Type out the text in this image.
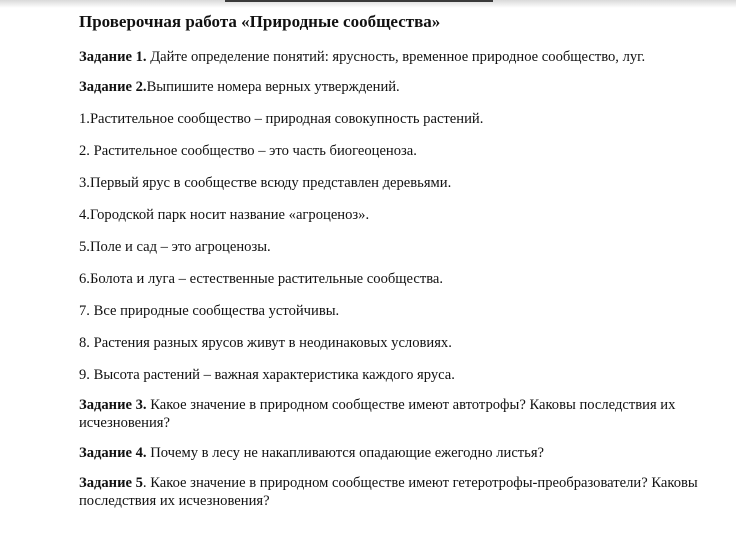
Проверочная работа «Природные сообщества»

Задание 1. Дайте определение понятий: ярусность, временное природное сообщество, луг.

Задание 2.Выпишите номера верных утверждений.

1.Растительное сообщество – природная совокупность растений.

2. Растительное сообщество – это часть биогеоценоза.

3.Первый ярус в сообществе всюду представлен деревьями.

4.Городской парк носит название «агроценоз».

5.Поле и сад – это агроценозы.

6.Болота и луга – естественные растительные сообщества.

7. Все природные сообщества устойчивы.

8. Растения разных ярусов живут в неодинаковых условиях.

9. Высота растений – важная характеристика каждого яруса.

Задание 3. Какое значение в природном сообществе имеют автотрофы? Каковы последствия их исчезновения?

Задание 4. Почему в лесу не накапливаются опадающие ежегодно листья?

Задание 5. Какое значение в природном сообществе имеют гетеротрофы-преобразователи? Каковы последствия их исчезновения?
